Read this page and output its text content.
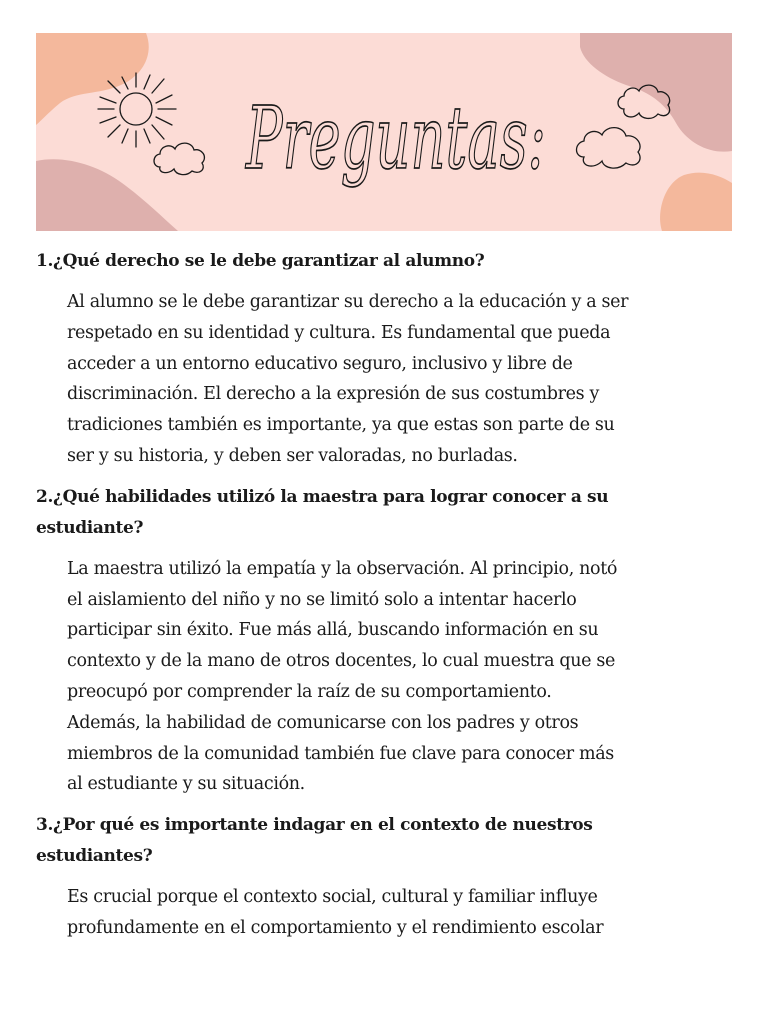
Preguntas:

1.¿Qué derecho se le debe garantizar al alumno?

Al alumno se le debe garantizar su derecho a la educación y a ser
respetado en su identidad y cultura. Es fundamental que pueda
acceder a un entorno educativo seguro, inclusivo y libre de
discriminación. El derecho a la expresión de sus costumbres y
tradiciones también es importante, ya que estas son parte de su
ser y su historia, y deben ser valoradas, no burladas.

2.¿Qué habilidades utilizó la maestra para lograr conocer a su
estudiante?

La maestra utilizó la empatía y la observación. Al principio, notó
el aislamiento del niño y no se limitó solo a intentar hacerlo
participar sin éxito. Fue más allá, buscando información en su
contexto y de la mano de otros docentes, lo cual muestra que se
preocupó por comprender la raíz de su comportamiento.
Además, la habilidad de comunicarse con los padres y otros
miembros de la comunidad también fue clave para conocer más
al estudiante y su situación.

3.¿Por qué es importante indagar en el contexto de nuestros
estudiantes?

Es crucial porque el contexto social, cultural y familiar influye
profundamente en el comportamiento y el rendimiento escolar
